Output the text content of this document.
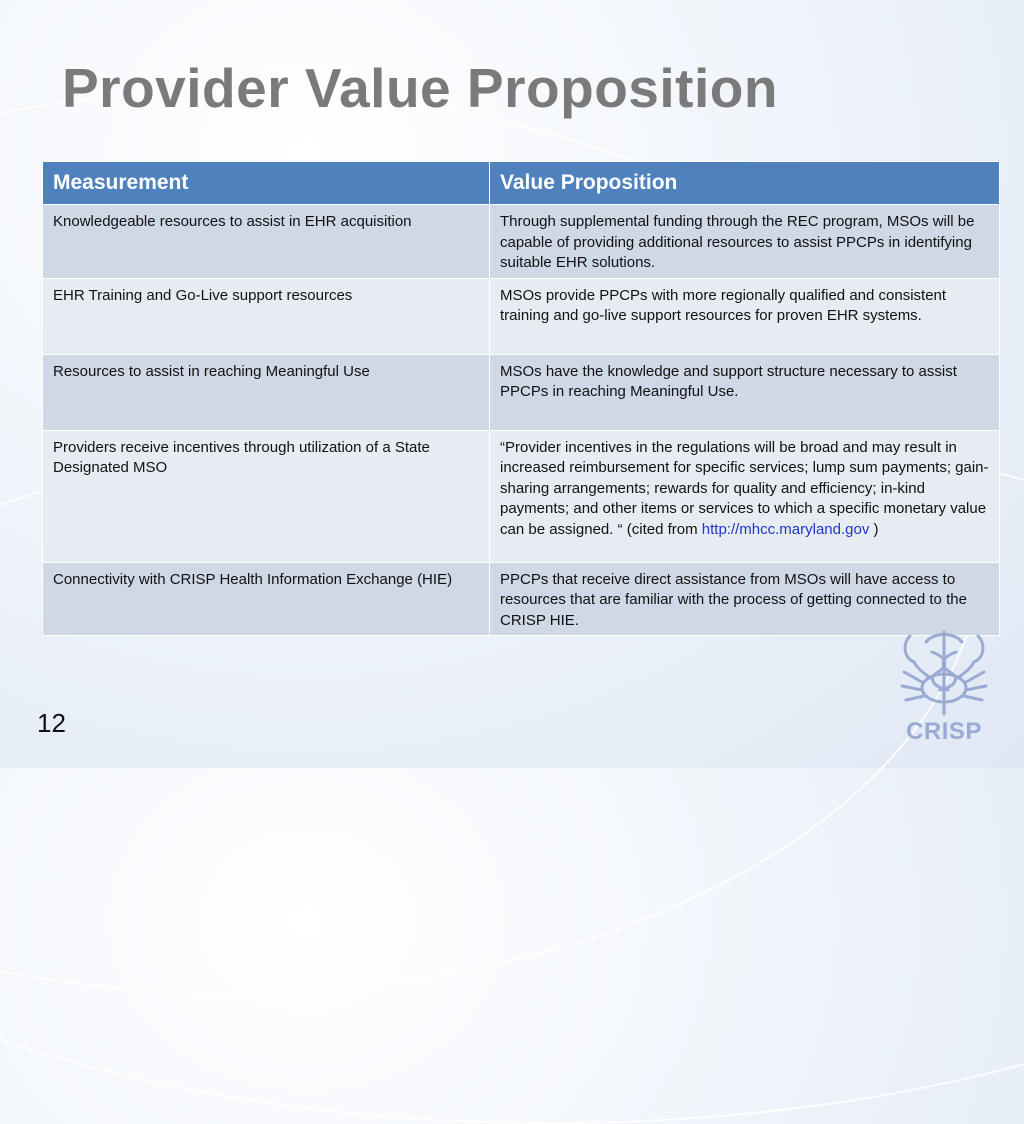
Provider Value Proposition
Measurement	Value Proposition
Knowledgeable resources to assist in EHR acquisition	Through supplemental funding through the REC program, MSOs will be capable of providing additional resources to assist PPCPs in identifying suitable EHR solutions.
EHR Training and Go-Live support resources	MSOs provide PPCPs with more regionally qualified and consistent training and go-live support resources for proven EHR systems.
Resources to assist in reaching Meaningful Use	MSOs have the knowledge and support structure necessary to assist PPCPs in reaching Meaningful Use.
Providers receive incentives through utilization of a State Designated MSO	“Provider incentives in the regulations will be broad and may result in increased reimbursement for specific services; lump sum payments; gain-sharing arrangements; rewards for quality and efficiency; in-kind payments; and other items or services to which a specific monetary value can be assigned. “ (cited from http://mhcc.maryland.gov )
Connectivity with CRISP Health Information Exchange (HIE)	PPCPs that receive direct assistance from MSOs will have access to resources that are familiar with the process of getting connected to the CRISP HIE.
12	CRISP
